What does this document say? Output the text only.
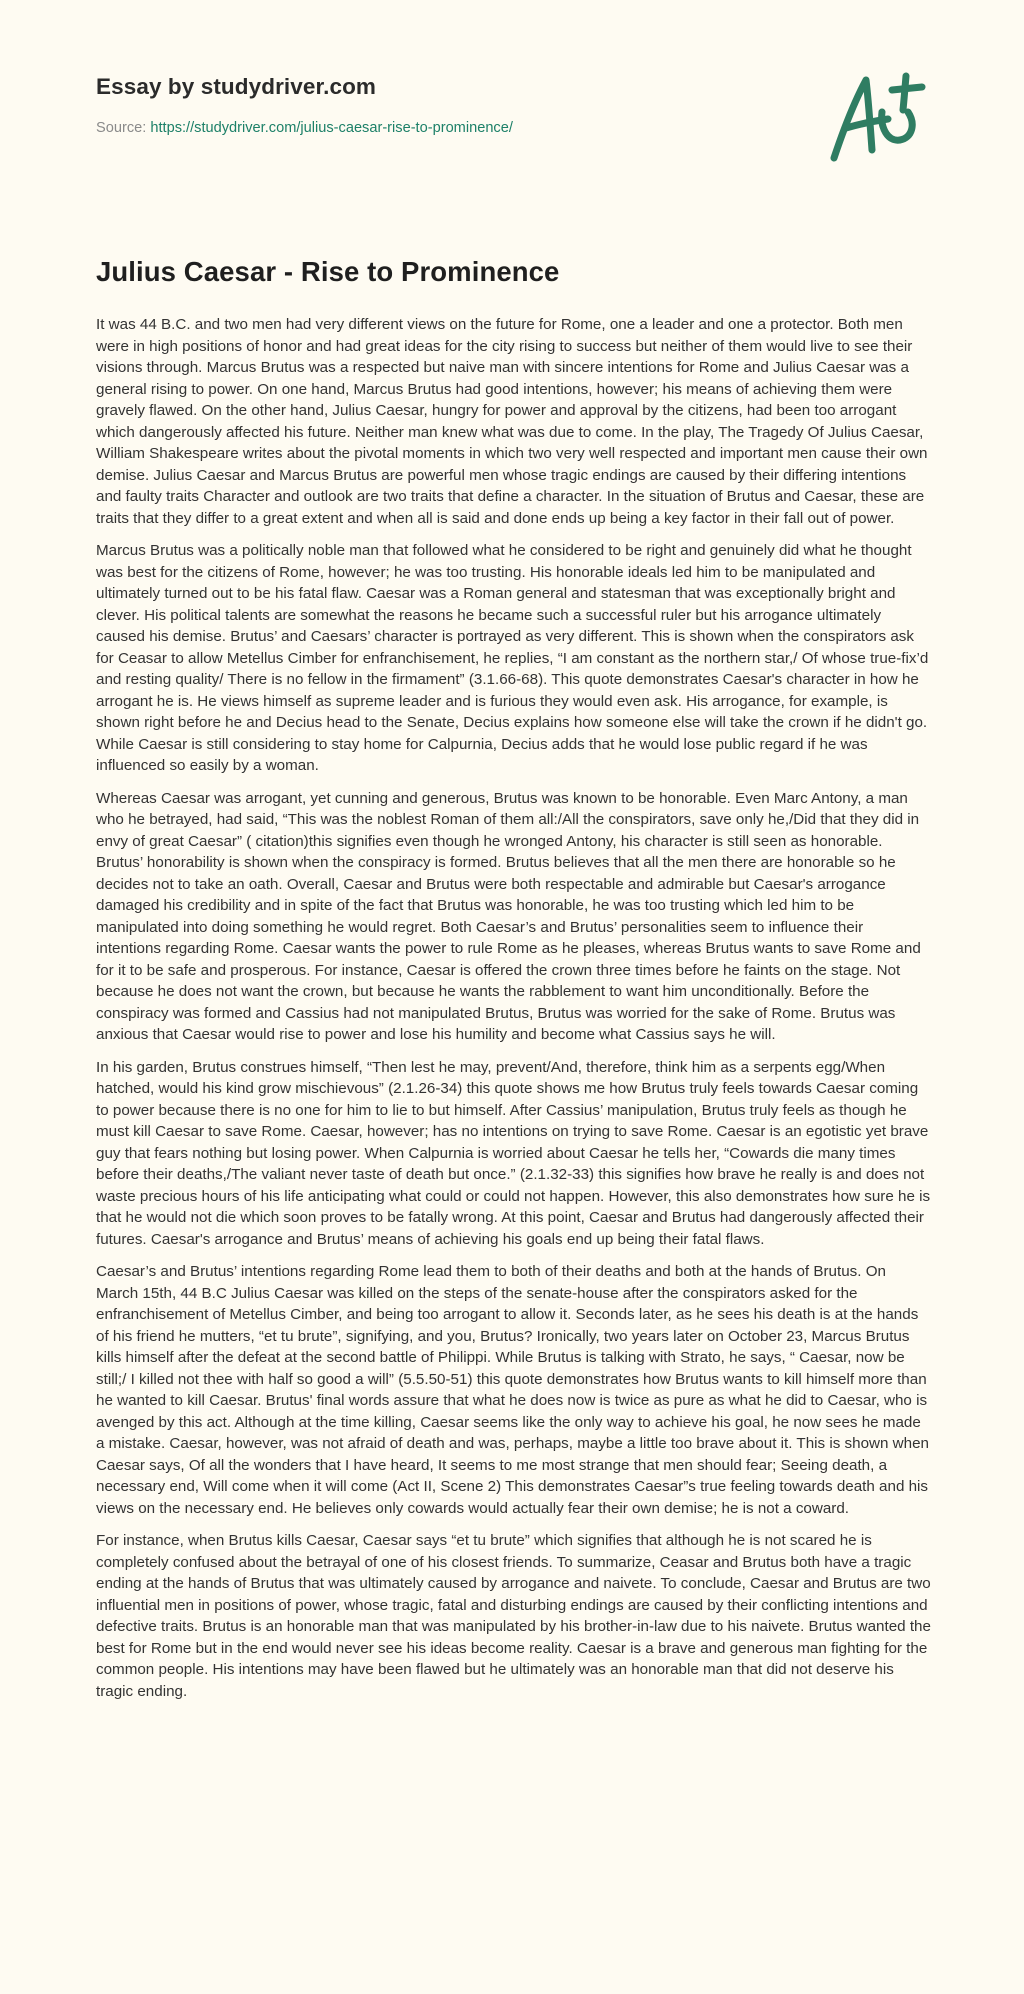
Essay by studydriver.com
Source: https://studydriver.com/julius-caesar-rise-to-prominence/
Julius Caesar - Rise to Prominence

It was 44 B.C. and two men had very different views on the future for Rome, one a leader and one a protector. Both men were in high positions of honor and had great ideas for the city rising to success but neither of them would live to see their visions through. Marcus Brutus was a respected but naive man with sincere intentions for Rome and Julius Caesar was a general rising to power. On one hand, Marcus Brutus had good intentions, however; his means of achieving them were gravely flawed. On the other hand, Julius Caesar, hungry for power and approval by the citizens, had been too arrogant which dangerously affected his future. Neither man knew what was due to come. In the play, The Tragedy Of Julius Caesar, William Shakespeare writes about the pivotal moments in which two very well respected and important men cause their own demise. Julius Caesar and Marcus Brutus are powerful men whose tragic endings are caused by their differing intentions and faulty traits Character and outlook are two traits that define a character. In the situation of Brutus and Caesar, these are traits that they differ to a great extent and when all is said and done ends up being a key factor in their fall out of power.

Marcus Brutus was a politically noble man that followed what he considered to be right and genuinely did what he thought was best for the citizens of Rome, however; he was too trusting. His honorable ideals led him to be manipulated and ultimately turned out to be his fatal flaw. Caesar was a Roman general and statesman that was exceptionally bright and clever. His political talents are somewhat the reasons he became such a successful ruler but his arrogance ultimately caused his demise. Brutus’ and Caesars’ character is portrayed as very different. This is shown when the conspirators ask for Ceasar to allow Metellus Cimber for enfranchisement, he replies, “I am constant as the northern star,/ Of whose true-fix’d and resting quality/ There is no fellow in the firmament” (3.1.66-68). This quote demonstrates Caesar's character in how he arrogant he is. He views himself as supreme leader and is furious they would even ask. His arrogance, for example, is shown right before he and Decius head to the Senate, Decius explains how someone else will take the crown if he didn't go. While Caesar is still considering to stay home for Calpurnia, Decius adds that he would lose public regard if he was influenced so easily by a woman.

Whereas Caesar was arrogant, yet cunning and generous, Brutus was known to be honorable. Even Marc Antony, a man who he betrayed, had said, “This was the noblest Roman of them all:/All the conspirators, save only he,/Did that they did in envy of great Caesar” ( citation)this signifies even though he wronged Antony, his character is still seen as honorable. Brutus’ honorability is shown when the conspiracy is formed. Brutus believes that all the men there are honorable so he decides not to take an oath. Overall, Caesar and Brutus were both respectable and admirable but Caesar's arrogance damaged his credibility and in spite of the fact that Brutus was honorable, he was too trusting which led him to be manipulated into doing something he would regret. Both Caesar’s and Brutus’ personalities seem to influence their intentions regarding Rome. Caesar wants the power to rule Rome as he pleases, whereas Brutus wants to save Rome and for it to be safe and prosperous. For instance, Caesar is offered the crown three times before he faints on the stage. Not because he does not want the crown, but because he wants the rabblement to want him unconditionally. Before the conspiracy was formed and Cassius had not manipulated Brutus, Brutus was worried for the sake of Rome. Brutus was anxious that Caesar would rise to power and lose his humility and become what Cassius says he will.

In his garden, Brutus construes himself, “Then lest he may, prevent/And, therefore, think him as a serpents egg/When hatched, would his kind grow mischievous” (2.1.26-34) this quote shows me how Brutus truly feels towards Caesar coming to power because there is no one for him to lie to but himself. After Cassius’ manipulation, Brutus truly feels as though he must kill Caesar to save Rome. Caesar, however; has no intentions on trying to save Rome. Caesar is an egotistic yet brave guy that fears nothing but losing power. When Calpurnia is worried about Caesar he tells her, “Cowards die many times before their deaths,/The valiant never taste of death but once.” (2.1.32-33) this signifies how brave he really is and does not waste precious hours of his life anticipating what could or could not happen. However, this also demonstrates how sure he is that he would not die which soon proves to be fatally wrong. At this point, Caesar and Brutus had dangerously affected their futures. Caesar's arrogance and Brutus’ means of achieving his goals end up being their fatal flaws.

Caesar’s and Brutus’ intentions regarding Rome lead them to both of their deaths and both at the hands of Brutus. On March 15th, 44 B.C Julius Caesar was killed on the steps of the senate-house after the conspirators asked for the enfranchisement of Metellus Cimber, and being too arrogant to allow it. Seconds later, as he sees his death is at the hands of his friend he mutters, “et tu brute”, signifying, and you, Brutus? Ironically, two years later on October 23, Marcus Brutus kills himself after the defeat at the second battle of Philippi. While Brutus is talking with Strato, he says, “ Caesar, now be still;/ I killed not thee with half so good a will” (5.5.50-51) this quote demonstrates how Brutus wants to kill himself more than he wanted to kill Caesar. Brutus' final words assure that what he does now is twice as pure as what he did to Caesar, who is avenged by this act. Although at the time killing, Caesar seems like the only way to achieve his goal, he now sees he made a mistake. Caesar, however, was not afraid of death and was, perhaps, maybe a little too brave about it. This is shown when Caesar says, Of all the wonders that I have heard, It seems to me most strange that men should fear; Seeing death, a necessary end, Will come when it will come (Act II, Scene 2) This demonstrates Caesar”s true feeling towards death and his views on the necessary end. He believes only cowards would actually fear their own demise; he is not a coward.

For instance, when Brutus kills Caesar, Caesar says “et tu brute” which signifies that although he is not scared he is completely confused about the betrayal of one of his closest friends. To summarize, Ceasar and Brutus both have a tragic ending at the hands of Brutus that was ultimately caused by arrogance and naivete. To conclude, Caesar and Brutus are two influential men in positions of power, whose tragic, fatal and disturbing endings are caused by their conflicting intentions and defective traits. Brutus is an honorable man that was manipulated by his brother-in-law due to his naivete. Brutus wanted the best for Rome but in the end would never see his ideas become reality. Caesar is a brave and generous man fighting for the common people. His intentions may have been flawed but he ultimately was an honorable man that did not deserve his tragic ending.
